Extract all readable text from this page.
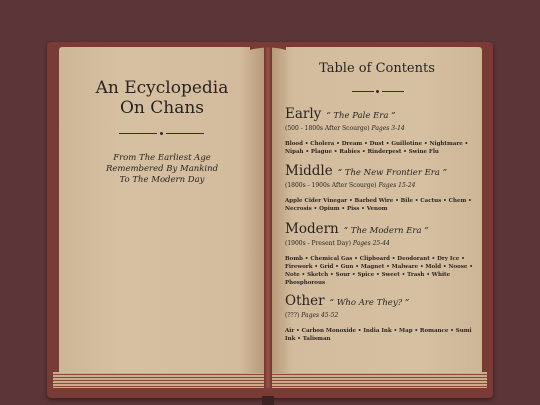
An Ecyclopedia
On Chans
From The Earliest Age
Remembered By Mankind
To The Modern Day
Table of Contents
Early “ The Pale Era ”
(500 - 1800s After Scourge) Pages 3-14
Blood • Cholera • Dream • Dust • Guillotine • Nightmare • Nipah • Plague • Rabies • Rinderpest • Swine Flu
Middle “ The New Frontier Era ”
(1800s - 1900s After Scourge) Pages 15-24
Apple Cider Vinegar • Barbed Wire • Bile • Cactus • Chem • Necrosis • Opium • Piss • Venom
Modern “ The Modern Era ”
(1900s - Present Day) Pages 25-44
Bomb • Chemical Gas • Clipboard • Deodorant • Dry Ice • Firework • Grid • Gun • Magnet • Malware • Mold • Noose • Note • Sketch • Sour • Spice • Sweet • Trash • White Phosphorous
Other “ Who Are They? ”
(???) Pages 45-52
Air • Carbon Monoxide • India Ink • Map • Romance • Sumi Ink • Talisman
